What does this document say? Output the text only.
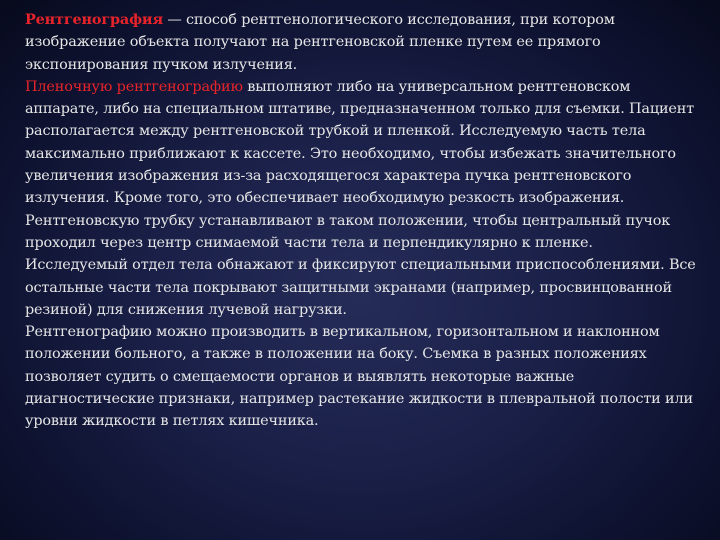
Рентгенография — способ рентгенологического исследования, при котором изображение объекта получают на рентгеновской пленке путем ее прямого экспонирования пучком излучения.

Пленочную рентгенографию выполняют либо на универсальном рентгеновском аппарате, либо на специальном штативе, предназначенном только для съемки. Пациент располагается между рентгеновской трубкой и пленкой. Исследуемую часть тела максимально приближают к кассете. Это необходимо, чтобы избежать значительного увеличения изображения из-за расходящегося характера пучка рентгеновского излучения. Кроме того, это обеспечивает необходимую резкость изображения. Рентгеновскую трубку устанавливают в таком положении, чтобы центральный пучок проходил через центр снимаемой части тела и перпендикулярно к пленке. Исследуемый отдел тела обнажают и фиксируют специальными приспособлениями. Все остальные части тела покрывают защитными экранами (например, просвинцованной резиной) для снижения лучевой нагрузки.

Рентгенографию можно производить в вертикальном, горизонтальном и наклонном положении больного, а также в положении на боку. Съемка в разных положениях позволяет судить о смещаемости органов и выявлять некоторые важные диагностические признаки, например растекание жидкости в плевральной полости или уровни жидкости в петлях кишечника.
